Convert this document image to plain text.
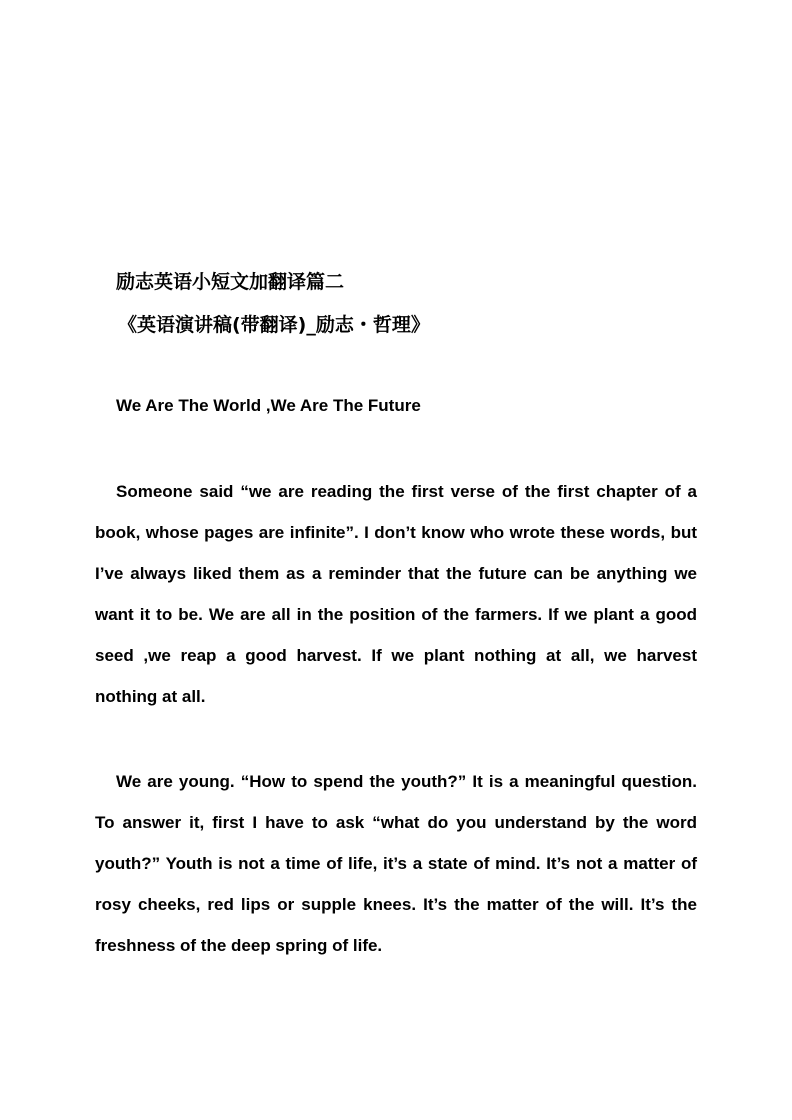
励志英语小短文加翻译篇二
《英语演讲稿(带翻译)_励志・哲理》
We Are The World ,We Are The Future

Someone said “we are reading the first verse of the first chapter of a book, whose pages are infinite”. I don’t know who wrote these words, but I’ve always liked them as a reminder that the future can be anything we want it to be. We are all in the position of the farmers. If we plant a good seed ,we reap a good harvest. If we plant nothing at all, we harvest nothing at all.

We are young. “How to spend the youth?” It is a meaningful question. To answer it, first I have to ask “what do you understand by the word youth?” Youth is not a time of life, it’s a state of mind. It’s not a matter of rosy cheeks, red lips or supple knees. It’s the matter of the will. It’s the freshness of the deep spring of life.
